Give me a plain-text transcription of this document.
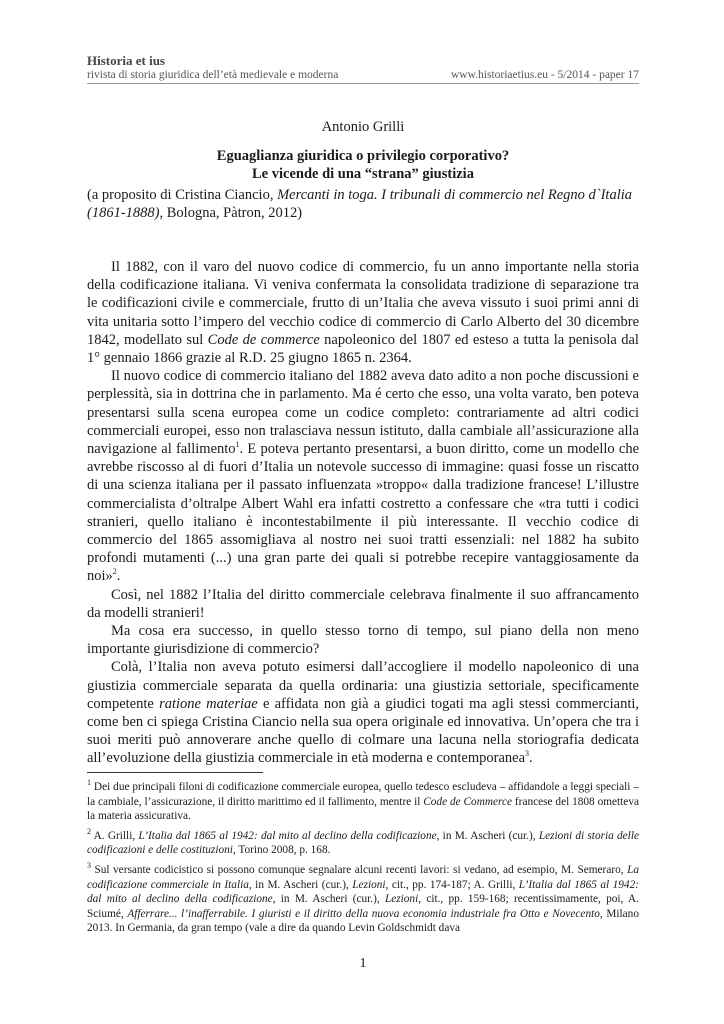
Historia et ius
rivista di storia giuridica dell’età medievale e moderna	www.historiaetius.eu - 5/2014 - paper 17
Antonio Grilli
Eguaglianza giuridica o privilegio corporativo?
Le vicende di una “strana” giustizia
(a proposito di Cristina Ciancio, Mercanti in toga. I tribunali di commercio nel Regno d`Italia (1861-1888), Bologna, Pàtron, 2012)

Il 1882, con il varo del nuovo codice di commercio, fu un anno importante nella storia della codificazione italiana. Vi veniva confermata la consolidata tradizione di separazione tra le codificazioni civile e commerciale, frutto di un’Italia che aveva vissuto i suoi primi anni di vita unitaria sotto l’impero del vecchio codice di commercio di Carlo Alberto del 30 dicembre 1842, modellato sul Code de commerce napoleonico del 1807 ed esteso a tutta la penisola dal 1° gennaio 1866 grazie al R.D. 25 giugno 1865 n. 2364.

Il nuovo codice di commercio italiano del 1882 aveva dato adito a non poche discussioni e perplessità, sia in dottrina che in parlamento. Ma é certo che esso, una volta varato, ben poteva presentarsi sulla scena europea come un codice completo: contrariamente ad altri codici commerciali europei, esso non tralasciava nessun istituto, dalla cambiale all’assicurazione alla navigazione al fallimento$^1$. E poteva pertanto presentarsi, a buon diritto, come un modello che avrebbe riscosso al di fuori d’Italia un notevole successo di immagine: quasi fosse un riscatto di una scienza italiana per il passato influenzata »troppo« dalla tradizione francese! L’illustre commercialista d’oltralpe Albert Wahl era infatti costretto a confessare che «tra tutti i codici stranieri, quello italiano è incontestabilmente il più interessante. Il vecchio codice di commercio del 1865 assomigliava al nostro nei suoi tratti essenziali: nel 1882 ha subito profondi mutamenti (...) una gran parte dei quali si potrebbe recepire vantaggiosamente da noi»$^2$.

Così, nel 1882 l’Italia del diritto commerciale celebrava finalmente il suo affrancamento da modelli stranieri!

Ma cosa era successo, in quello stesso torno di tempo, sul piano della non meno importante giurisdizione di commercio?

Colà, l’Italia non aveva potuto esimersi dall’accogliere il modello napoleonico di una giustizia commerciale separata da quella ordinaria: una giustizia settoriale, specificamente competente ratione materiae e affidata non già a giudici togati ma agli stessi commercianti, come ben ci spiega Cristina Ciancio nella sua opera originale ed innovativa. Un’opera che tra i suoi meriti può annoverare anche quello di colmare una lacuna nella storiografia dedicata all’evoluzione della giustizia commerciale in età moderna e contemporanea$^3$.

$^1$ Dei due principali filoni di codificazione commerciale europea, quello tedesco escludeva – affidandole a leggi speciali – la cambiale, l’assicurazione, il diritto marittimo ed il fallimento, mentre il Code de Commerce francese del 1808 ometteva la materia assicurativa.

$^2$ A. Grilli, L’Italia dal 1865 al 1942: dal mito al declino della codificazione, in M. Ascheri (cur.), Lezioni di storia delle codificazioni e delle costituzioni, Torino 2008, p. 168.

$^3$ Sul versante codicistico si possono comunque segnalare alcuni recenti lavori: si vedano, ad esempio, M. Semeraro, La codificazione commerciale in Italia, in M. Ascheri (cur.), Lezioni, cit., pp. 174-187; A. Grilli, L’Italia dal 1865 al 1942: dal mito al declino della codificazione, in M. Ascheri (cur.), Lezioni, cit., pp. 159-168; recentissimamente, poi, A. Sciumé, Afferrare... l’inafferrabile. I giuristi e il diritto della nuova economia industriale fra Otto e Novecento, Milano 2013. In Germania, da gran tempo (vale a dire da quando Levin Goldschmidt dava

1
